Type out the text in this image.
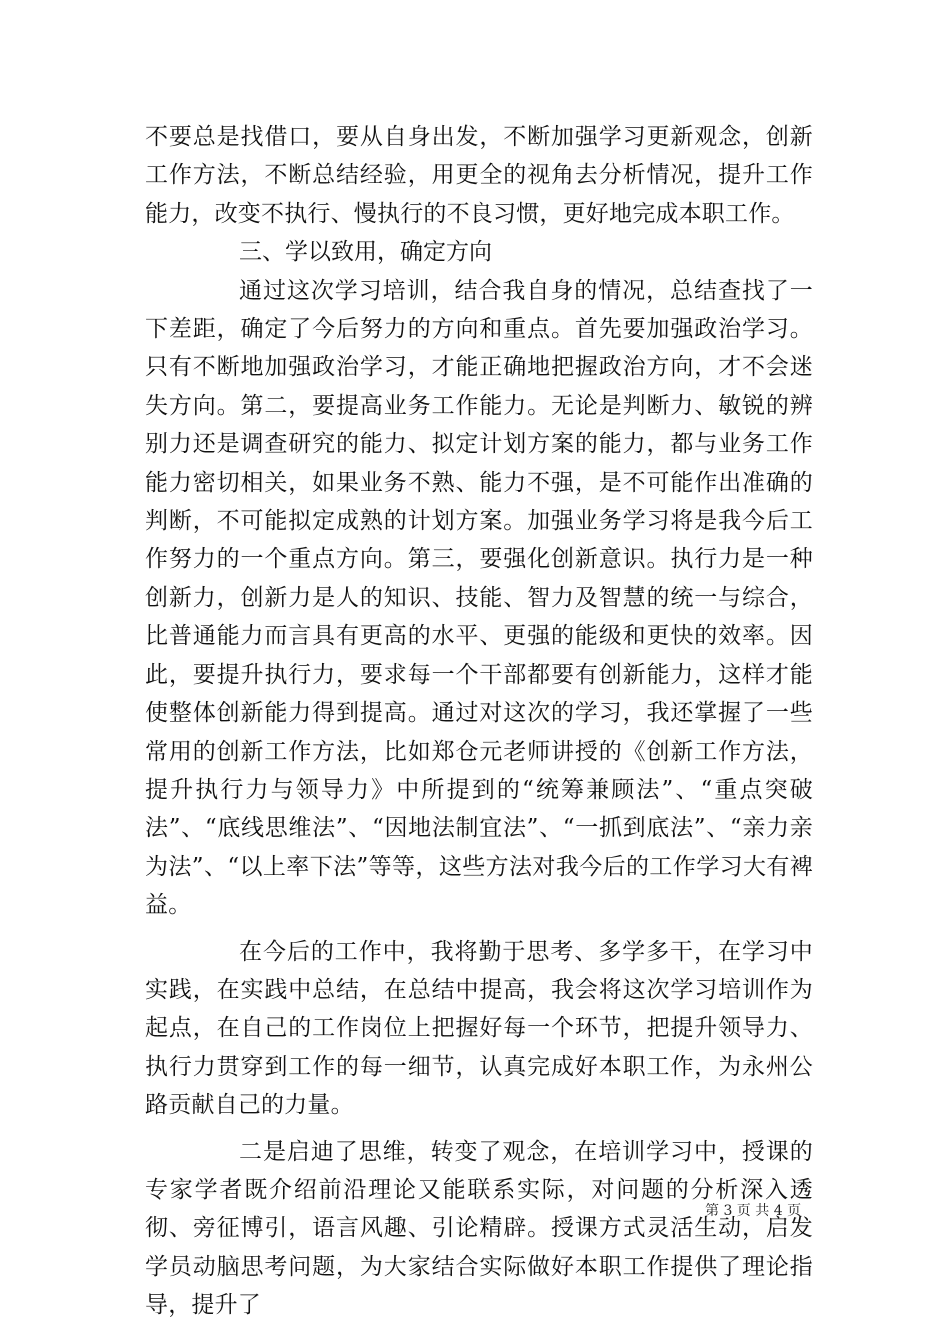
不要总是找借口，要从自身出发，不断加强学习更新观念，创新工作方法，不断总结经验，用更全的视角去分析情况，提升工作能力，改变不执行、慢执行的不良习惯，更好地完成本职工作。

三、学以致用，确定方向

通过这次学习培训，结合我自身的情况，总结查找了一下差距，确定了今后努力的方向和重点。首先要加强政治学习。只有不断地加强政治学习，才能正确地把握政治方向，才不会迷失方向。第二，要提高业务工作能力。无论是判断力、敏锐的辨别力还是调查研究的能力、拟定计划方案的能力，都与业务工作能力密切相关，如果业务不熟、能力不强，是不可能作出准确的判断，不可能拟定成熟的计划方案。加强业务学习将是我今后工作努力的一个重点方向。第三，要强化创新意识。执行力是一种创新力，创新力是人的知识、技能、智力及智慧的统一与综合，比普通能力而言具有更高的水平、更强的能级和更快的效率。因此，要提升执行力，要求每一个干部都要有创新能力，这样才能使整体创新能力得到提高。通过对这次的学习，我还掌握了一些常用的创新工作方法，比如郑仓元老师讲授的《创新工作方法，提升执行力与领导力》中所提到的“统筹兼顾法”、“重点突破法”、“底线思维法”、“因地法制宜法”、“一抓到底法”、“亲力亲为法”、“以上率下法”等等，这些方法对我今后的工作学习大有裨益。

在今后的工作中，我将勤于思考、多学多干，在学习中实践，在实践中总结，在总结中提高，我会将这次学习培训作为起点，在自己的工作岗位上把握好每一个环节，把提升领导力、执行力贯穿到工作的每一细节，认真完成好本职工作，为永州公路贡献自己的力量。

二是启迪了思维，转变了观念，在培训学习中，授课的专家学者既介绍前沿理论又能联系实际，对问题的分析深入透彻、旁征博引，语言风趣、引论精辟。授课方式灵活生动，启发学员动脑思考问题，为大家结合实际做好本职工作提供了理论指导，提升了

第 3 页 共 4 页
